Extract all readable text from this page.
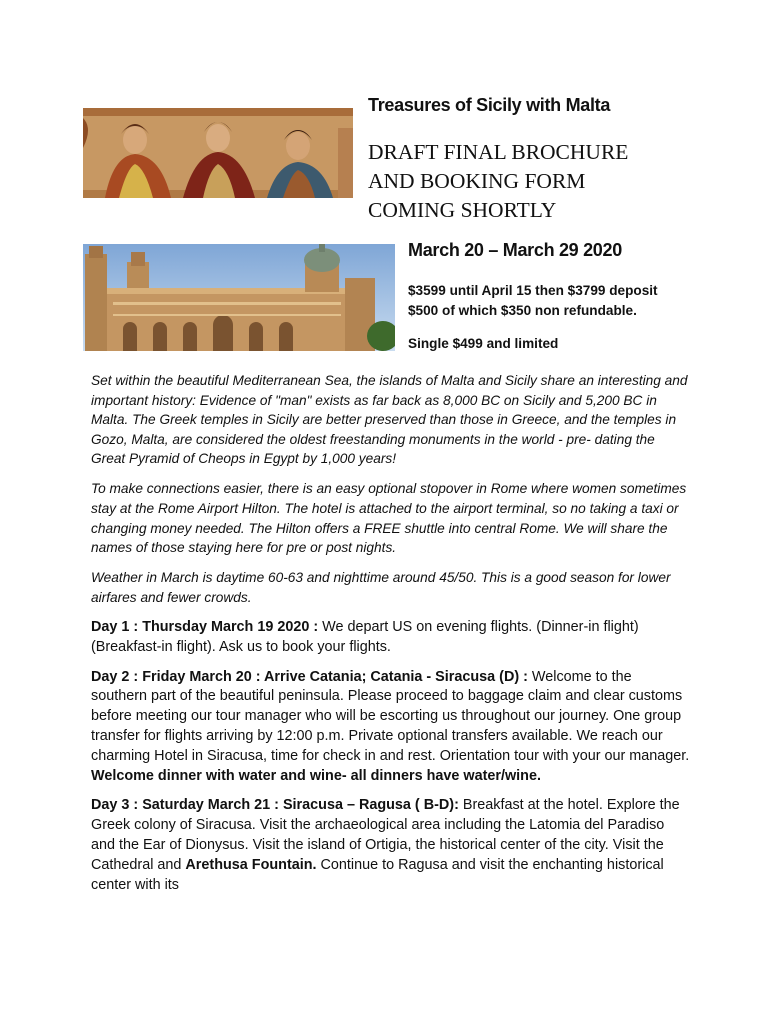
Treasures of Sicily with Malta
DRAFT FINAL BROCHURE
AND BOOKING FORM
COMING SHORTLY
March 20 – March 29 2020
$3599 until April 15 then $3799 deposit $500 of which $350 non refundable.
Single $499 and limited

Set within the beautiful Mediterranean Sea, the islands of Malta and Sicily share an interesting and important history: Evidence of "man" exists as far back as 8,000 BC on Sicily and 5,200 BC in Malta. The Greek temples in Sicily are better preserved than those in Greece, and the temples in Gozo, Malta, are considered the oldest freestanding monuments in the world - pre- dating the Great Pyramid of Cheops in Egypt by 1,000 years!

To make connections easier, there is an easy optional stopover in Rome where women sometimes stay at the Rome Airport Hilton. The hotel is attached to the airport terminal, so no taking a taxi or changing money needed. The Hilton offers a FREE shuttle into central Rome. We will share the names of those staying here for pre or post nights.

Weather in March is daytime 60-63 and nighttime around 45/50. This is a good season for lower airfares and fewer crowds.

Day 1 : Thursday March 19 2020 : We depart US on evening flights. (Dinner-in flight) (Breakfast-in flight). Ask us to book your flights.

Day 2 : Friday March 20 : Arrive Catania; Catania - Siracusa (D) : Welcome to the southern part of the beautiful peninsula. Please proceed to baggage claim and clear customs before meeting our tour manager who will be escorting us throughout our journey. One group transfer for flights arriving by 12:00 p.m. Private optional transfers available. We reach our charming Hotel in Siracusa, time for check in and rest. Orientation tour with your our manager. Welcome dinner with water and wine- all dinners have water/wine.

Day 3 : Saturday March 21 : Siracusa – Ragusa ( B-D): Breakfast at the hotel. Explore the Greek colony of Siracusa. Visit the archaeological area including the Latomia del Paradiso and the Ear of Dionysus. Visit the island of Ortigia, the historical center of the city. Visit the Cathedral and Arethusa Fountain. Continue to Ragusa and visit the enchanting historical center with its
